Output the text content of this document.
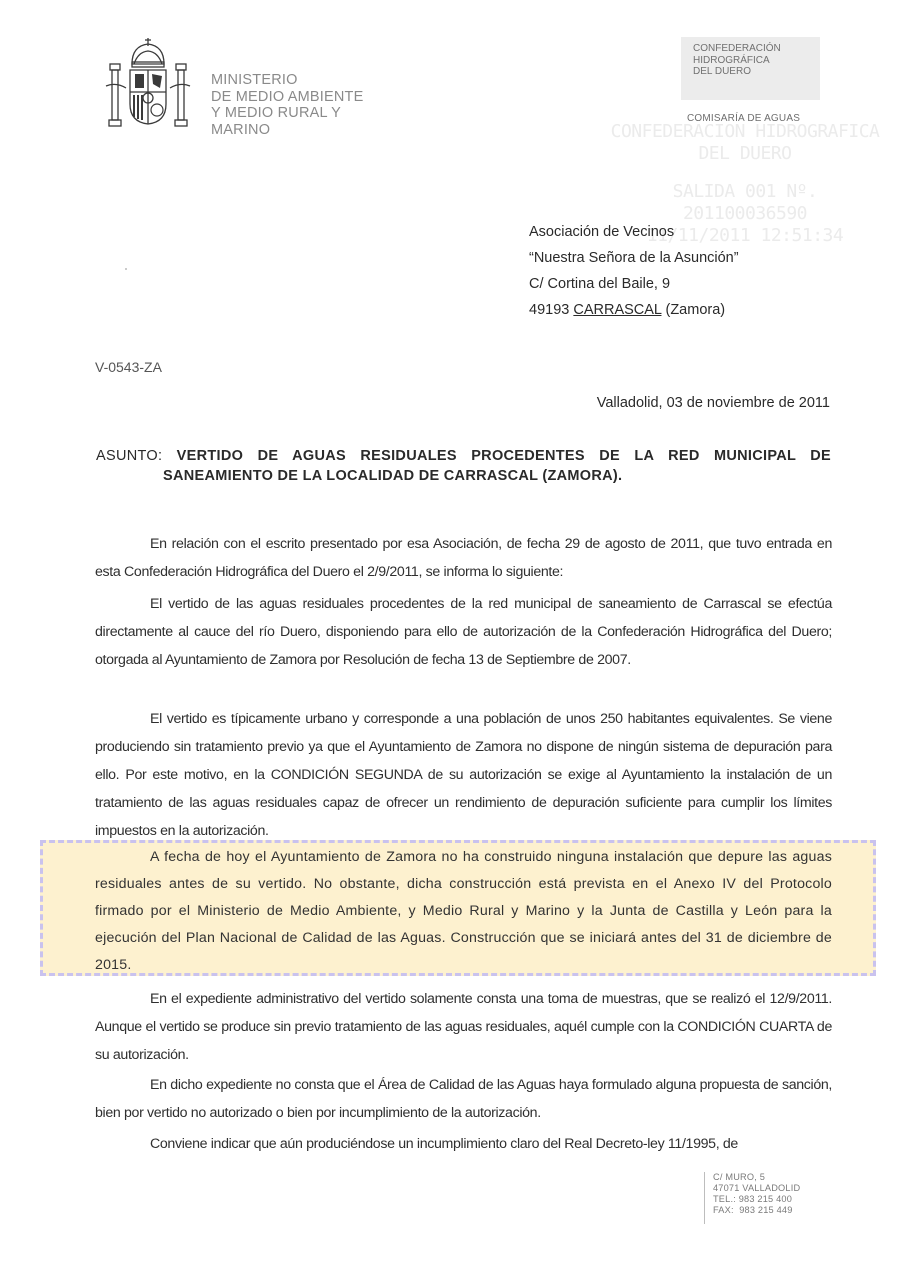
MINISTERIO
DE MEDIO AMBIENTE
Y MEDIO RURAL Y
MARINO
CONFEDERACIÓN
HIDROGRÁFICA
DEL DUERO
COMISARÍA DE AGUAS
CONFEDERACION HIDROGRAFICA
DEL DUERO
SALIDA 001 Nº. 201100036590
11/11/2011 12:51:34
Asociación de Vecinos
“Nuestra Señora de la Asunción”
C/ Cortina del Baile, 9
49193 CARRASCAL (Zamora)
V-0543-ZA
Valladolid, 03 de noviembre de 2011
ASUNTO: VERTIDO DE AGUAS RESIDUALES PROCEDENTES DE LA RED MUNICIPAL DE
SANEAMIENTO DE LA LOCALIDAD DE CARRASCAL (ZAMORA).
En relación con el escrito presentado por esa Asociación, de fecha 29 de agosto de 2011, que tuvo entrada en esta Confederación Hidrográfica del Duero el 2/9/2011, se informa lo siguiente:
El vertido de las aguas residuales procedentes de la red municipal de saneamiento de Carrascal se efectúa directamente al cauce del río Duero, disponiendo para ello de autorización de la Confederación Hidrográfica del Duero; otorgada al Ayuntamiento de Zamora por Resolución de fecha 13 de Septiembre de 2007.
El vertido es típicamente urbano y corresponde a una población de unos 250 habitantes equivalentes. Se viene produciendo sin tratamiento previo ya que el Ayuntamiento de Zamora no dispone de ningún sistema de depuración para ello. Por este motivo, en la CONDICIÓN SEGUNDA de su autorización se exige al Ayuntamiento la instalación de un tratamiento de las aguas residuales capaz de ofrecer un rendimiento de depuración suficiente para cumplir los límites impuestos en la autorización.
A fecha de hoy el Ayuntamiento de Zamora no ha construido ninguna instalación que depure las aguas residuales antes de su vertido. No obstante, dicha construcción está prevista en el Anexo IV del Protocolo firmado por el Ministerio de Medio Ambiente, y Medio Rural y Marino y la Junta de Castilla y León para la ejecución del Plan Nacional de Calidad de las Aguas. Construcción que se iniciará antes del 31 de diciembre de 2015.
En el expediente administrativo del vertido solamente consta una toma de muestras, que se realizó el 12/9/2011. Aunque el vertido se produce sin previo tratamiento de las aguas residuales, aquél cumple con la CONDICIÓN CUARTA de su autorización.
En dicho expediente no consta que el Área de Calidad de las Aguas haya formulado alguna propuesta de sanción, bien por vertido no autorizado o bien por incumplimiento de la autorización.
Conviene indicar que aún produciéndose un incumplimiento claro del Real Decreto-ley 11/1995, de
C/ MURO, 5
47071 VALLADOLID
TEL.: 983 215 400
FAX:  983 215 449
